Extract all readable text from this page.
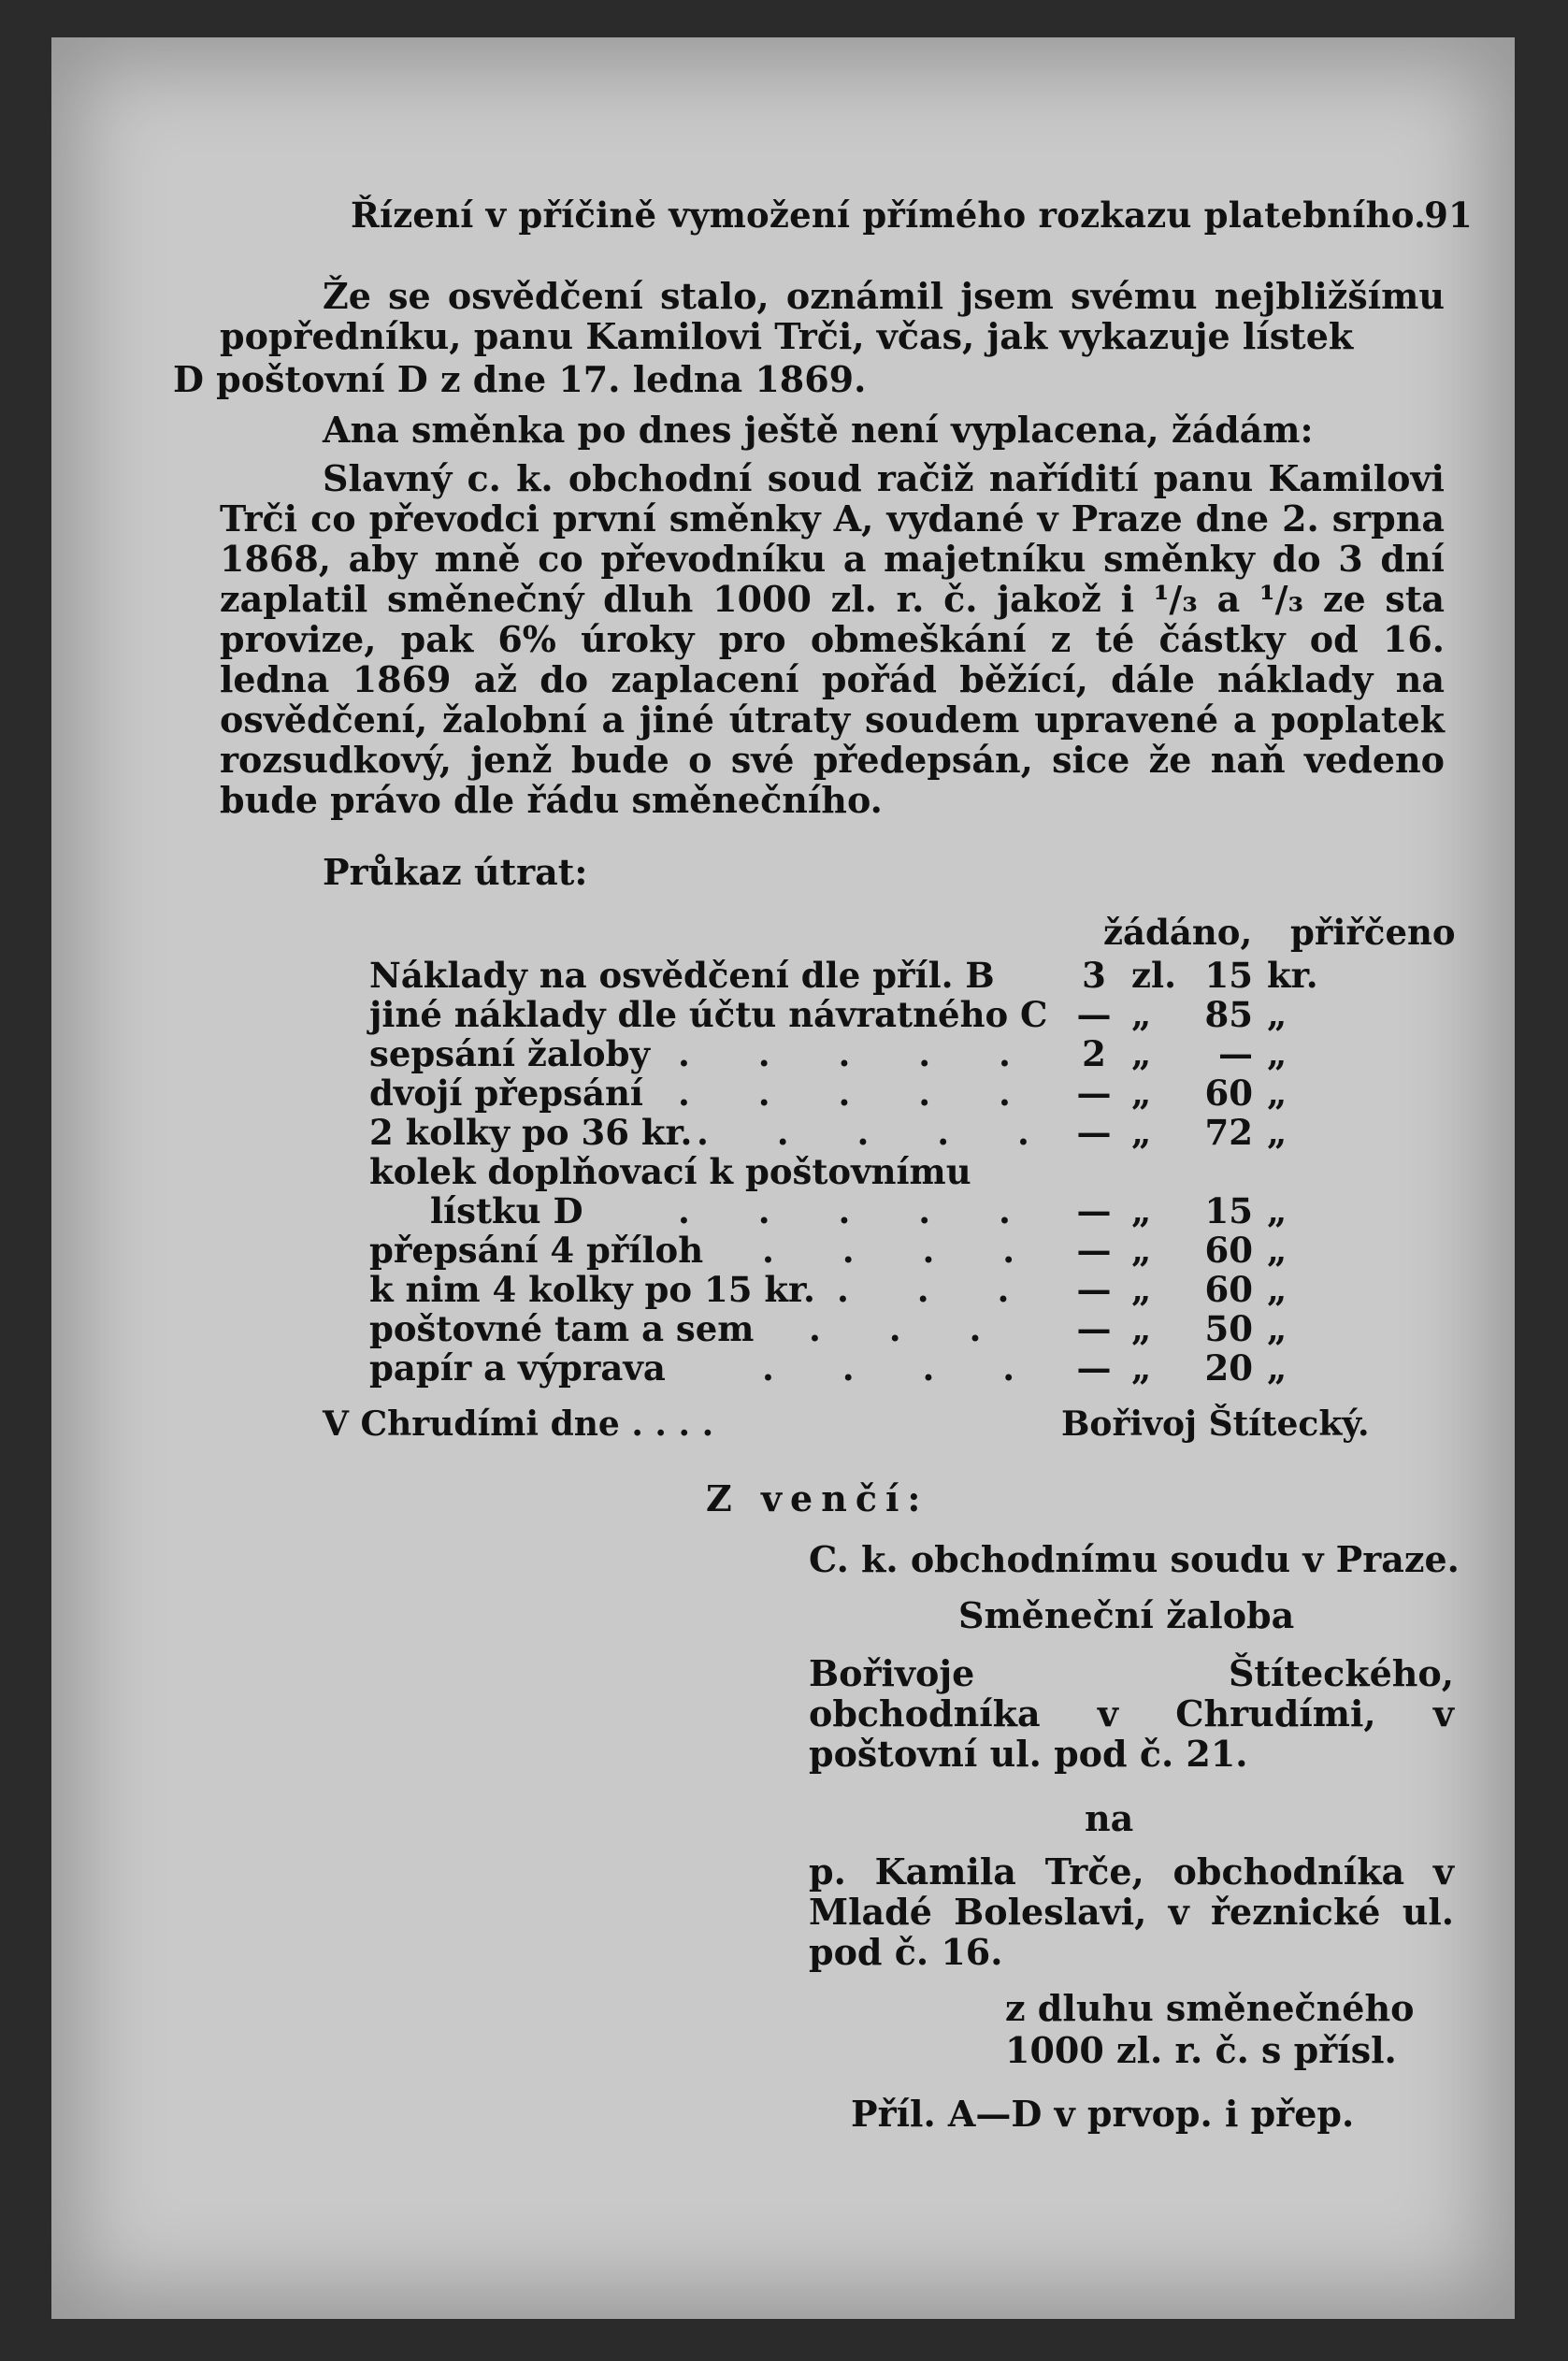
Řízení v příčině vymožení přímého rozkazu platebního.
91
Že se osvědčení stalo, oznámil jsem svému nejbližšímu popředníku, panu Kamilovi Trči, včas, jak vykazuje lístek
D poštovní D z dne 17. ledna 1869.
Ana směnka po dnes ještě není vyplacena, žádám:
Slavný c. k. obchodní soud račiž nařídití panu Kamilovi Trči co převodci první směnky A, vydané v Praze dne 2. srpna 1868, aby mně co převodníku a majetníku směnky do 3 dní zaplatil směnečný dluh 1000 zl. r. č. jakož i ¹/₃ a ¹/₃ ze sta provize, pak 6% úroky pro obmeškání z té částky od 16. ledna 1869 až do zaplacení pořád běžící, dále náklady na osvědčení, žalobní a jiné útraty soudem upravené a poplatek rozsudkový, jenž bude o své předepsán, sice že naň vedeno bude právo dle řádu směnečního.
Průkaz útrat:
žádáno, přiřčeno
Náklady na osvědčení dle příl. B	3 zl. 15 kr.
jiné náklady dle účtu návratného C — „	85 „
sepsání žaloby . . . . .	2 „	— „
dvojí přepsání . . . . .	— „	60 „
2 kolky po 36 kr. . . . . . — „	72 „
kolek doplňovací k poštovnímu
lístku D	. . . . .	— „	15 „
přepsání 4 příloh . . . . — „	60 „
k nim 4 kolky po 15 kr. . . .	— „	60 „
poštovné tam a sem . . .	— „	50 „
papír a výprava	. . . . — „	20 „
V Chrudími dne . . . .	Bořivoj Štítecký.
Z venčí:
C. k. obchodnímu soudu v Praze.
Směneční žaloba
Bořivoje Štíteckého, obchodníka v Chrudími, v poštovní ul. pod č. 21.
na
p. Kamila Trče, obchodníka v Mladé Boleslavi, v řeznické ul. pod č. 16.
z dluhu směnečného
1000 zl. r. č. s přísl.
Příl. A—D v prvop. i přep.
